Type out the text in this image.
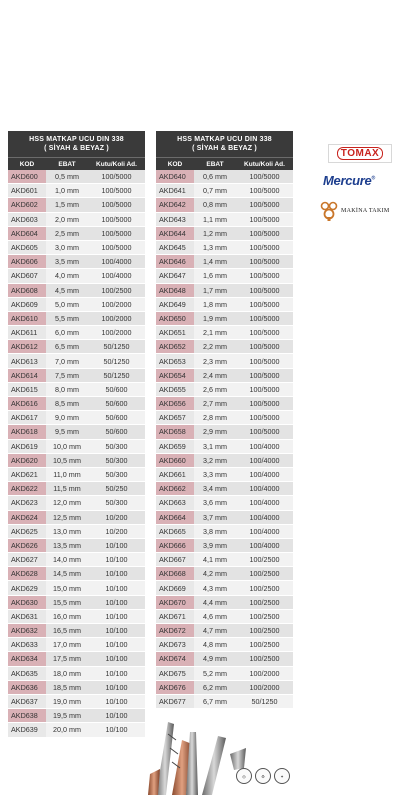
HSS MATKAP UCU DIN 338
( SİYAH & BEYAZ )
KOD	EBAT	Kutu/Koli Ad.
AKD600	0,5 mm	100/5000
AKD601	1,0 mm	100/5000
AKD602	1,5 mm	100/5000
AKD603	2,0 mm	100/5000
AKD604	2,5 mm	100/5000
AKD605	3,0 mm	100/5000
AKD606	3,5 mm	100/4000
AKD607	4,0 mm	100/4000
AKD608	4,5 mm	100/2500
AKD609	5,0 mm	100/2000
AKD610	5,5 mm	100/2000
AKD611	6,0 mm	100/2000
AKD612	6,5 mm	50/1250
AKD613	7,0 mm	50/1250
AKD614	7,5 mm	50/1250
AKD615	8,0 mm	50/600
AKD616	8,5 mm	50/600
AKD617	9,0 mm	50/600
AKD618	9,5 mm	50/600
AKD619	10,0 mm	50/300
AKD620	10,5 mm	50/300
AKD621	11,0 mm	50/300
AKD622	11,5 mm	50/250
AKD623	12,0 mm	50/300
AKD624	12,5 mm	10/200
AKD625	13,0 mm	10/200
AKD626	13,5 mm	10/100
AKD627	14,0 mm	10/100
AKD628	14,5 mm	10/100
AKD629	15,0 mm	10/100
AKD630	15,5 mm	10/100
AKD631	16,0 mm	10/100
AKD632	16,5 mm	10/100
AKD633	17,0 mm	10/100
AKD634	17,5 mm	10/100
AKD635	18,0 mm	10/100
AKD636	18,5 mm	10/100
AKD637	19,0 mm	10/100
AKD638	19,5 mm	10/100
AKD639	20,0 mm	10/100
HSS MATKAP UCU DIN 338
( SİYAH & BEYAZ )
KOD	EBAT	Kutu/Koli Ad.
AKD640	0,6 mm	100/5000
AKD641	0,7 mm	100/5000
AKD642	0,8 mm	100/5000
AKD643	1,1 mm	100/5000
AKD644	1,2 mm	100/5000
AKD645	1,3 mm	100/5000
AKD646	1,4 mm	100/5000
AKD647	1,6 mm	100/5000
AKD648	1,7 mm	100/5000
AKD649	1,8 mm	100/5000
AKD650	1,9 mm	100/5000
AKD651	2,1 mm	100/5000
AKD652	2,2 mm	100/5000
AKD653	2,3 mm	100/5000
AKD654	2,4 mm	100/5000
AKD655	2,6 mm	100/5000
AKD656	2,7 mm	100/5000
AKD657	2,8 mm	100/5000
AKD658	2,9 mm	100/5000
AKD659	3,1 mm	100/4000
AKD660	3,2 mm	100/4000
AKD661	3,3 mm	100/4000
AKD662	3,4 mm	100/4000
AKD663	3,6 mm	100/4000
AKD664	3,7 mm	100/4000
AKD665	3,8 mm	100/4000
AKD666	3,9 mm	100/4000
AKD667	4,1 mm	100/2500
AKD668	4,2 mm	100/2500
AKD669	4,3 mm	100/2500
AKD670	4,4 mm	100/2500
AKD671	4,6 mm	100/2500
AKD672	4,7 mm	100/2500
AKD673	4,8 mm	100/2500
AKD674	4,9 mm	100/2500
AKD675	5,2 mm	100/2000
AKD676	6,2 mm	100/2000
AKD677	6,7 mm	50/1250
TOMAX
Mercure®
MAKİNA TAKIM
◎	⚙	✦
